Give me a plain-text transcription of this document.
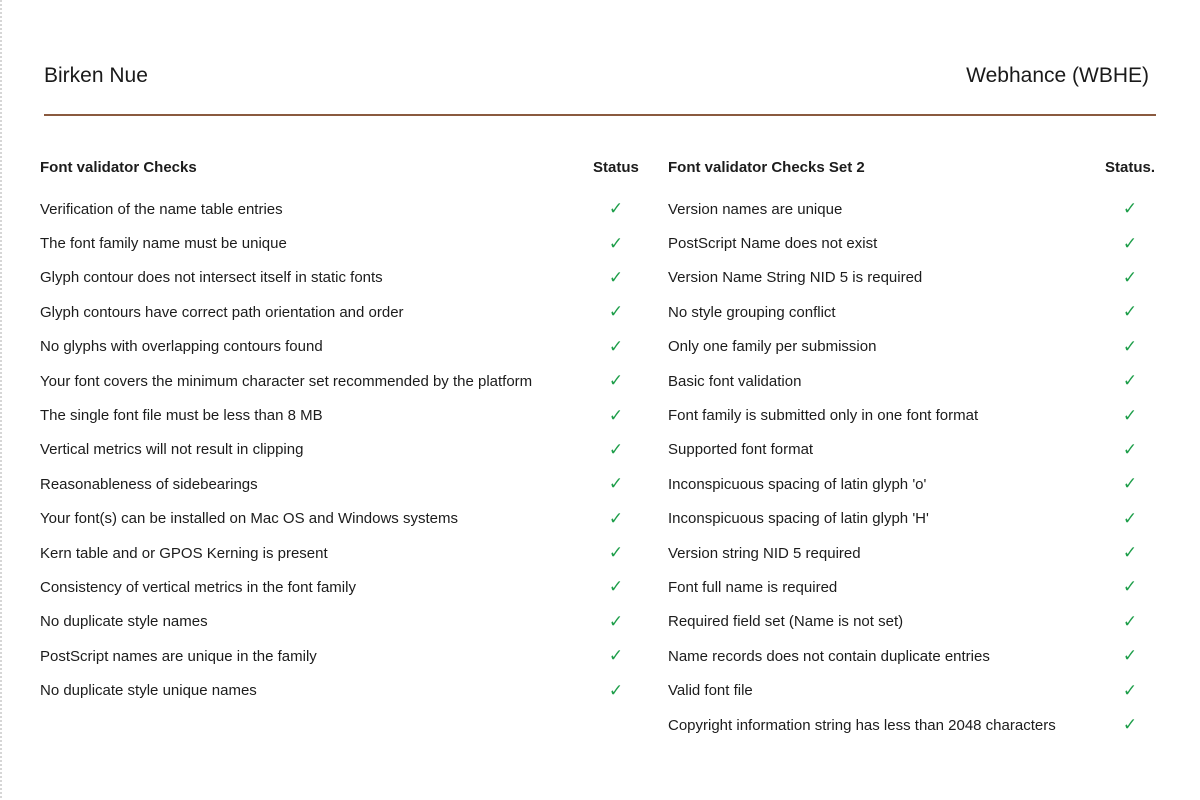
Birken Nue	Webhance (WBHE)
Font validator Checks	Status
Verification of the name table entries	✓
The font family name must be unique	✓
Glyph contour does not intersect itself in static fonts	✓
Glyph contours have correct path orientation and order	✓
No glyphs with overlapping contours found	✓
Your font covers the minimum character set recommended by the platform	✓
The single font file must be less than 8 MB	✓
Vertical metrics will not result in clipping	✓
Reasonableness of sidebearings	✓
Your font(s) can be installed on Mac OS and Windows systems	✓
Kern table and or GPOS Kerning is present	✓
Consistency of vertical metrics in the font family	✓
No duplicate style names	✓
PostScript names are unique in the family	✓
No duplicate style unique names	✓
Font validator Checks Set 2	Status.
Version names are unique	✓
PostScript Name does not exist	✓
Version Name String NID 5 is required	✓
No style grouping conflict	✓
Only one family per submission	✓
Basic font validation	✓
Font family is submitted only in one font format	✓
Supported font format	✓
Inconspicuous spacing of latin glyph 'o'	✓
Inconspicuous spacing of latin glyph 'H'	✓
Version string NID 5 required	✓
Font full name is required	✓
Required field set (Name is not set)	✓
Name records does not contain duplicate entries	✓
Valid font file	✓
Copyright information string has less than 2048 characters	✓
